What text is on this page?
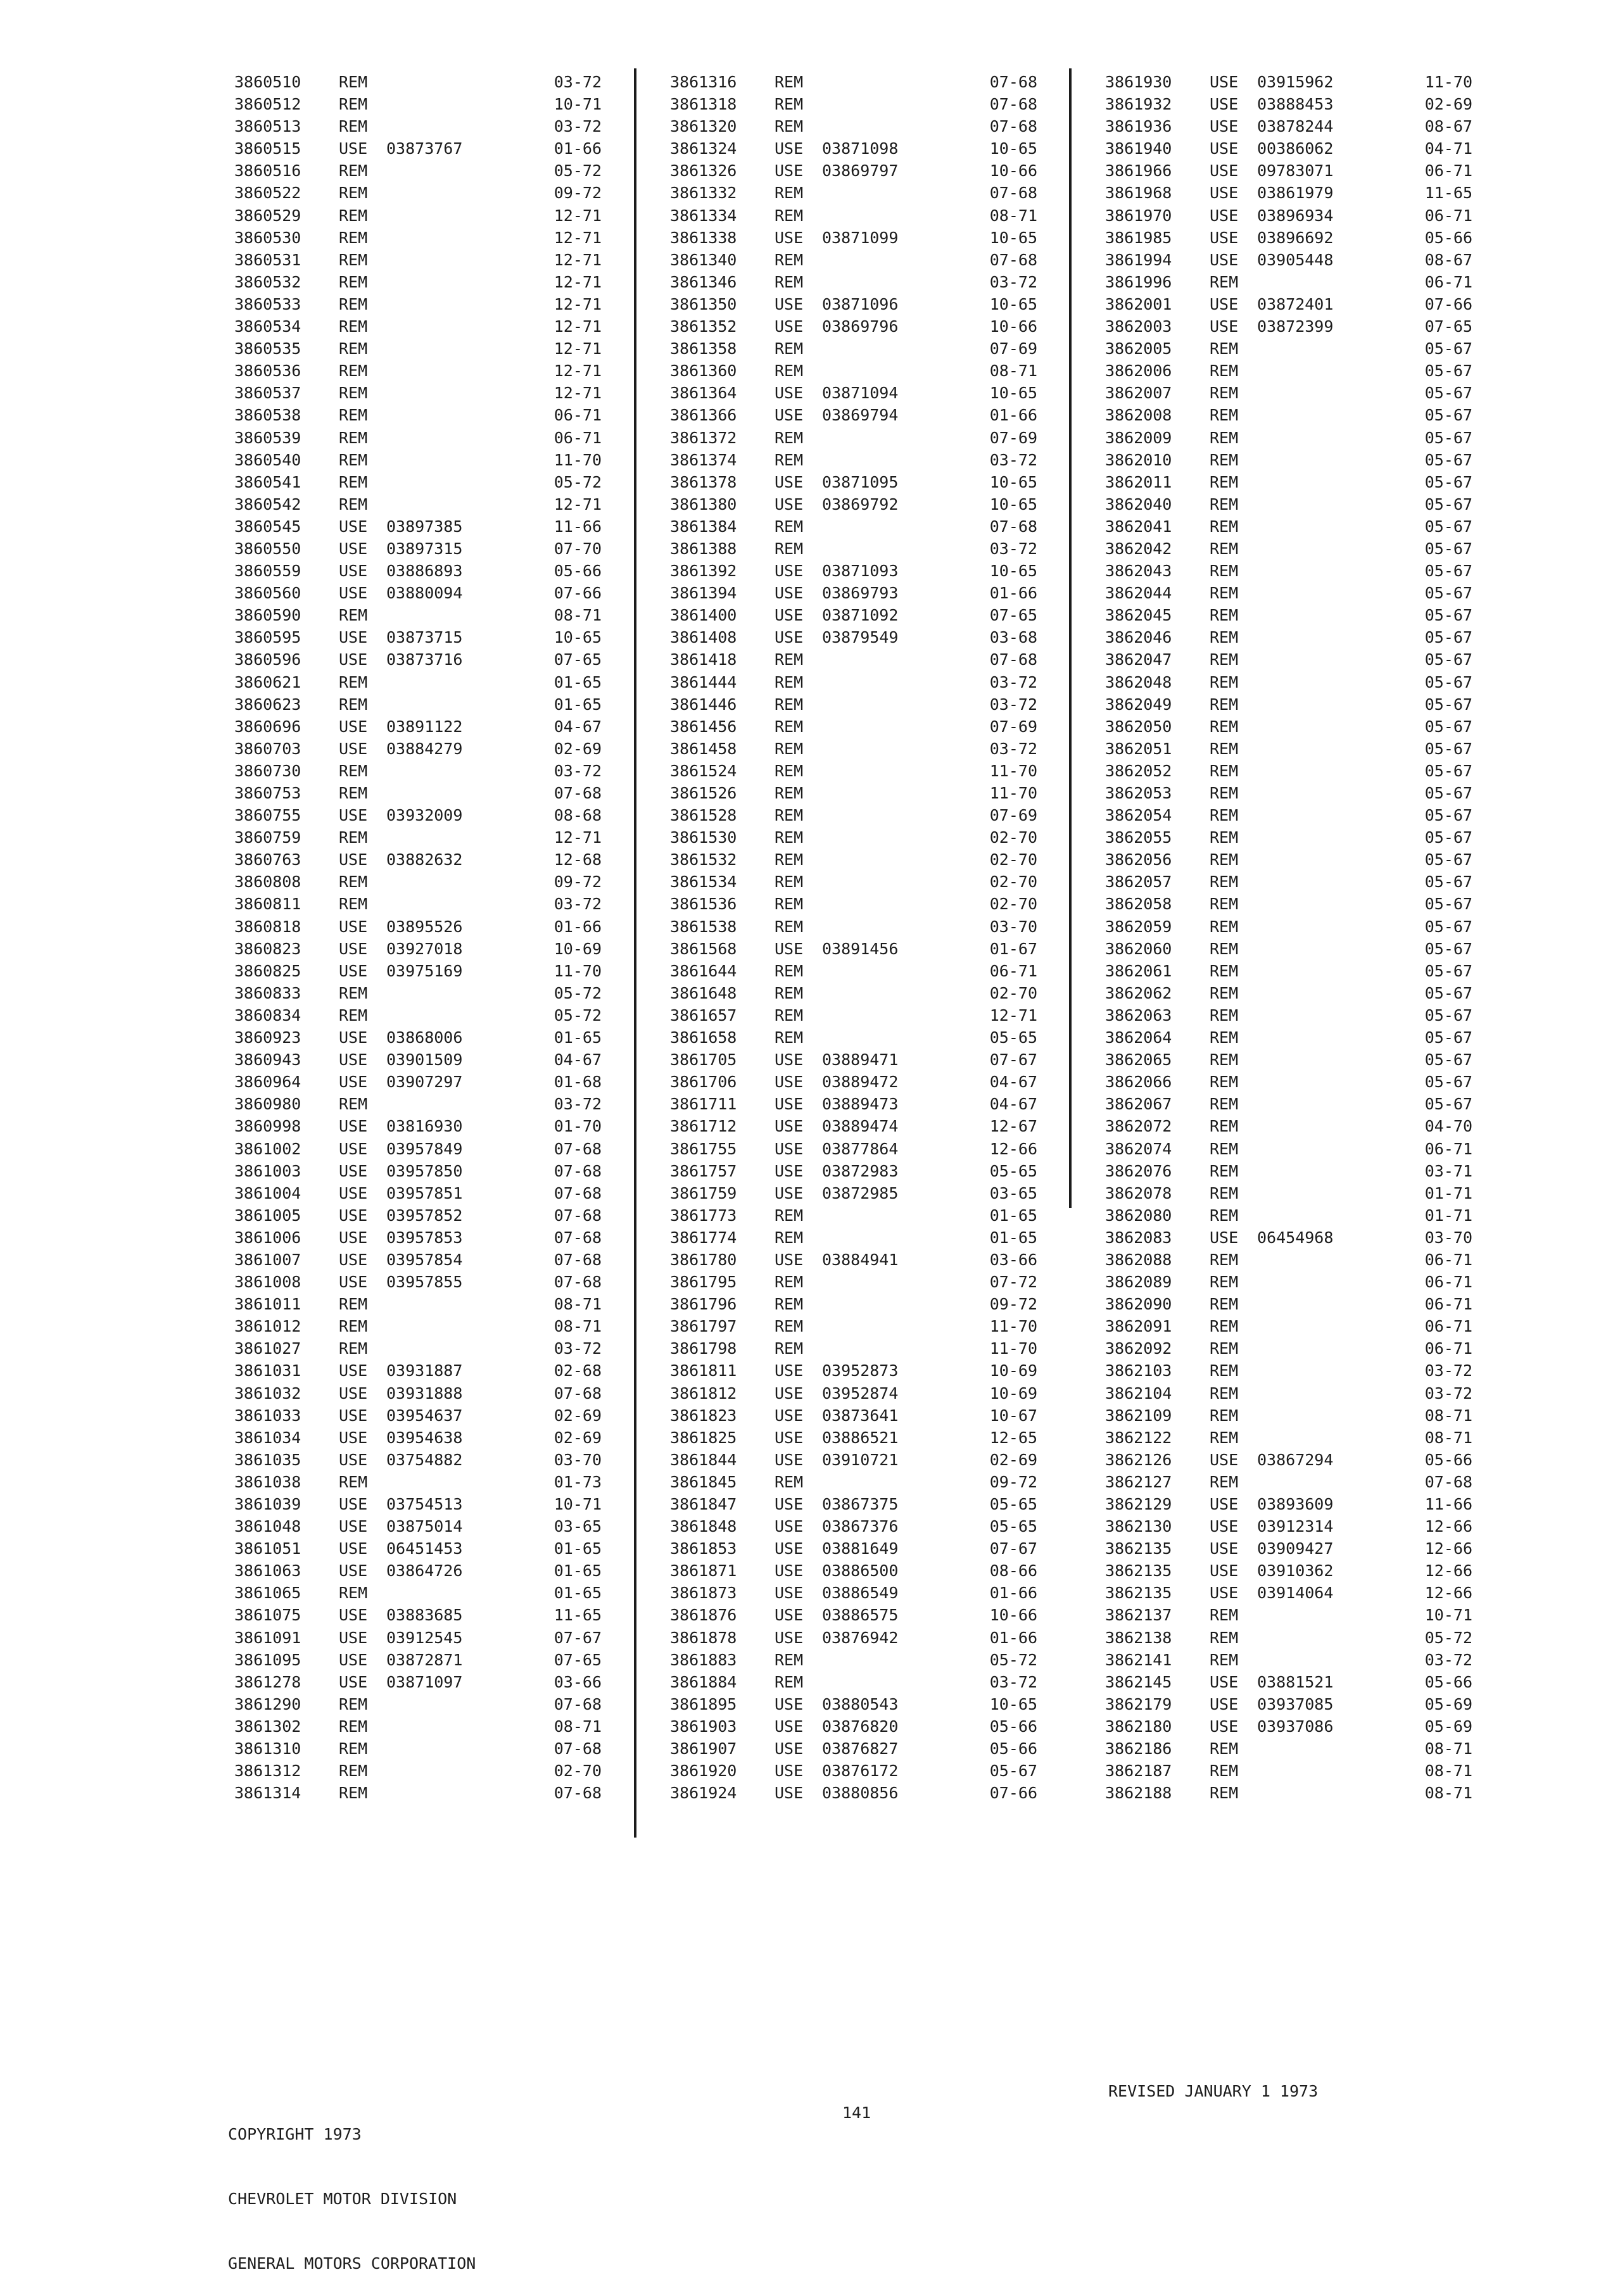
3860510 REM	03-72
3860512 REM	10-71
3860513 REM	03-72
3860515 USE 03873767	01-66
3860516 REM	05-72
3860522 REM	09-72
3860529 REM	12-71
3860530 REM	12-71
3860531 REM	12-71
3860532 REM	12-71
3860533 REM	12-71
3860534 REM	12-71
3860535 REM	12-71
3860536 REM	12-71
3860537 REM	12-71
3860538 REM	06-71
3860539 REM	06-71
3860540 REM	11-70
3860541 REM	05-72
3860542 REM	12-71
3860545 USE 03897385	11-66
3860550 USE 03897315	07-70
3860559 USE 03886893	05-66
3860560 USE 03880094	07-66
3860590 REM	08-71
3860595 USE 03873715	10-65
3860596 USE 03873716	07-65
3860621 REM	01-65
3860623 REM	01-65
3860696 USE 03891122	04-67
3860703 USE 03884279	02-69
3860730 REM	03-72
3860753 REM	07-68
3860755 USE 03932009	08-68
3860759 REM	12-71
3860763 USE 03882632	12-68
3860808 REM	09-72
3860811 REM	03-72
3860818 USE 03895526	01-66
3860823 USE 03927018	10-69
3860825 USE 03975169	11-70
3860833 REM	05-72
3860834 REM	05-72
3860923 USE 03868006	01-65
3860943 USE 03901509	04-67
3860964 USE 03907297	01-68
3860980 REM	03-72
3860998 USE 03816930	01-70
3861002 USE 03957849	07-68
3861003 USE 03957850	07-68
3861004 USE 03957851	07-68
3861005 USE 03957852	07-68
3861006 USE 03957853	07-68
3861007 USE 03957854	07-68
3861008 USE 03957855	07-68
3861011 REM	08-71
3861012 REM	08-71
3861027 REM	03-72
3861031 USE 03931887	02-68
3861032 USE 03931888	07-68
3861033 USE 03954637	02-69
3861034 USE 03954638	02-69
3861035 USE 03754882	03-70
3861038 REM	01-73
3861039 USE 03754513	10-71
3861048 USE 03875014	03-65
3861051 USE 06451453	01-65
3861063 USE 03864726	01-65
3861065 REM	01-65
3861075 USE 03883685	11-65
3861091 USE 03912545	07-67
3861095 USE 03872871	07-65
3861278 USE 03871097	03-66
3861290 REM	07-68
3861302 REM	08-71
3861310 REM	07-68
3861312 REM	02-70
3861314 REM	07-68
3861316 REM	07-68
3861318 REM	07-68
3861320 REM	07-68
3861324 USE 03871098	10-65
3861326 USE 03869797	10-66
3861332 REM	07-68
3861334 REM	08-71
3861338 USE 03871099	10-65
3861340 REM	07-68
3861346 REM	03-72
3861350 USE 03871096	10-65
3861352 USE 03869796	10-66
3861358 REM	07-69
3861360 REM	08-71
3861364 USE 03871094	10-65
3861366 USE 03869794	01-66
3861372 REM	07-69
3861374 REM	03-72
3861378 USE 03871095	10-65
3861380 USE 03869792	10-65
3861384 REM	07-68
3861388 REM	03-72
3861392 USE 03871093	10-65
3861394 USE 03869793	01-66
3861400 USE 03871092	07-65
3861408 USE 03879549	03-68
3861418 REM	07-68
3861444 REM	03-72
3861446 REM	03-72
3861456 REM	07-69
3861458 REM	03-72
3861524 REM	11-70
3861526 REM	11-70
3861528 REM	07-69
3861530 REM	02-70
3861532 REM	02-70
3861534 REM	02-70
3861536 REM	02-70
3861538 REM	03-70
3861568 USE 03891456	01-67
3861644 REM	06-71
3861648 REM	02-70
3861657 REM	12-71
3861658 REM	05-65
3861705 USE 03889471	07-67
3861706 USE 03889472	04-67
3861711 USE 03889473	04-67
3861712 USE 03889474	12-67
3861755 USE 03877864	12-66
3861757 USE 03872983	05-65
3861759 USE 03872985	03-65
3861773 REM	01-65
3861774 REM	01-65
3861780 USE 03884941	03-66
3861795 REM	07-72
3861796 REM	09-72
3861797 REM	11-70
3861798 REM	11-70
3861811 USE 03952873	10-69
3861812 USE 03952874	10-69
3861823 USE 03873641	10-67
3861825 USE 03886521	12-65
3861844 USE 03910721	02-69
3861845 REM	09-72
3861847 USE 03867375	05-65
3861848 USE 03867376	05-65
3861853 USE 03881649	07-67
3861871 USE 03886500	08-66
3861873 USE 03886549	01-66
3861876 USE 03886575	10-66
3861878 USE 03876942	01-66
3861883 REM	05-72
3861884 REM	03-72
3861895 USE 03880543	10-65
3861903 USE 03876820	05-66
3861907 USE 03876827	05-66
3861920 USE 03876172	05-67
3861924 USE 03880856	07-66
3861930 USE 03915962	11-70
3861932 USE 03888453	02-69
3861936 USE 03878244	08-67
3861940 USE 00386062	04-71
3861966 USE 09783071	06-71
3861968 USE 03861979	11-65
3861970 USE 03896934	06-71
3861985 USE 03896692	05-66
3861994 USE 03905448	08-67
3861996 REM	06-71
3862001 USE 03872401	07-66
3862003 USE 03872399	07-65
3862005 REM	05-67
3862006 REM	05-67
3862007 REM	05-67
3862008 REM	05-67
3862009 REM	05-67
3862010 REM	05-67
3862011 REM	05-67
3862040 REM	05-67
3862041 REM	05-67
3862042 REM	05-67
3862043 REM	05-67
3862044 REM	05-67
3862045 REM	05-67
3862046 REM	05-67
3862047 REM	05-67
3862048 REM	05-67
3862049 REM	05-67
3862050 REM	05-67
3862051 REM	05-67
3862052 REM	05-67
3862053 REM	05-67
3862054 REM	05-67
3862055 REM	05-67
3862056 REM	05-67
3862057 REM	05-67
3862058 REM	05-67
3862059 REM	05-67
3862060 REM	05-67
3862061 REM	05-67
3862062 REM	05-67
3862063 REM	05-67
3862064 REM	05-67
3862065 REM	05-67
3862066 REM	05-67
3862067 REM	05-67
3862072 REM	04-70
3862074 REM	06-71
3862076 REM	03-71
3862078 REM	01-71
3862080 REM	01-71
3862083 USE 06454968	03-70
3862088 REM	06-71
3862089 REM	06-71
3862090 REM	06-71
3862091 REM	06-71
3862092 REM	06-71
3862103 REM	03-72
3862104 REM	03-72
3862109 REM	08-71
3862122 REM	08-71
3862126 USE 03867294	05-66
3862127 REM	07-68
3862129 USE 03893609	11-66
3862130 USE 03912314	12-66
3862135 USE 03909427	12-66
3862135 USE 03910362	12-66
3862135 USE 03914064	12-66
3862137 REM	10-71
3862138 REM	05-72
3862141 REM	03-72
3862145 USE 03881521	05-66
3862179 USE 03937085	05-69
3862180 USE 03937086	05-69
3862186 REM	08-71
3862187 REM	08-71
3862188 REM	08-71

COPYRIGHT 1973

CHEVROLET MOTOR DIVISION

GENERAL MOTORS CORPORATION

141
REVISED JANUARY 1 1973
